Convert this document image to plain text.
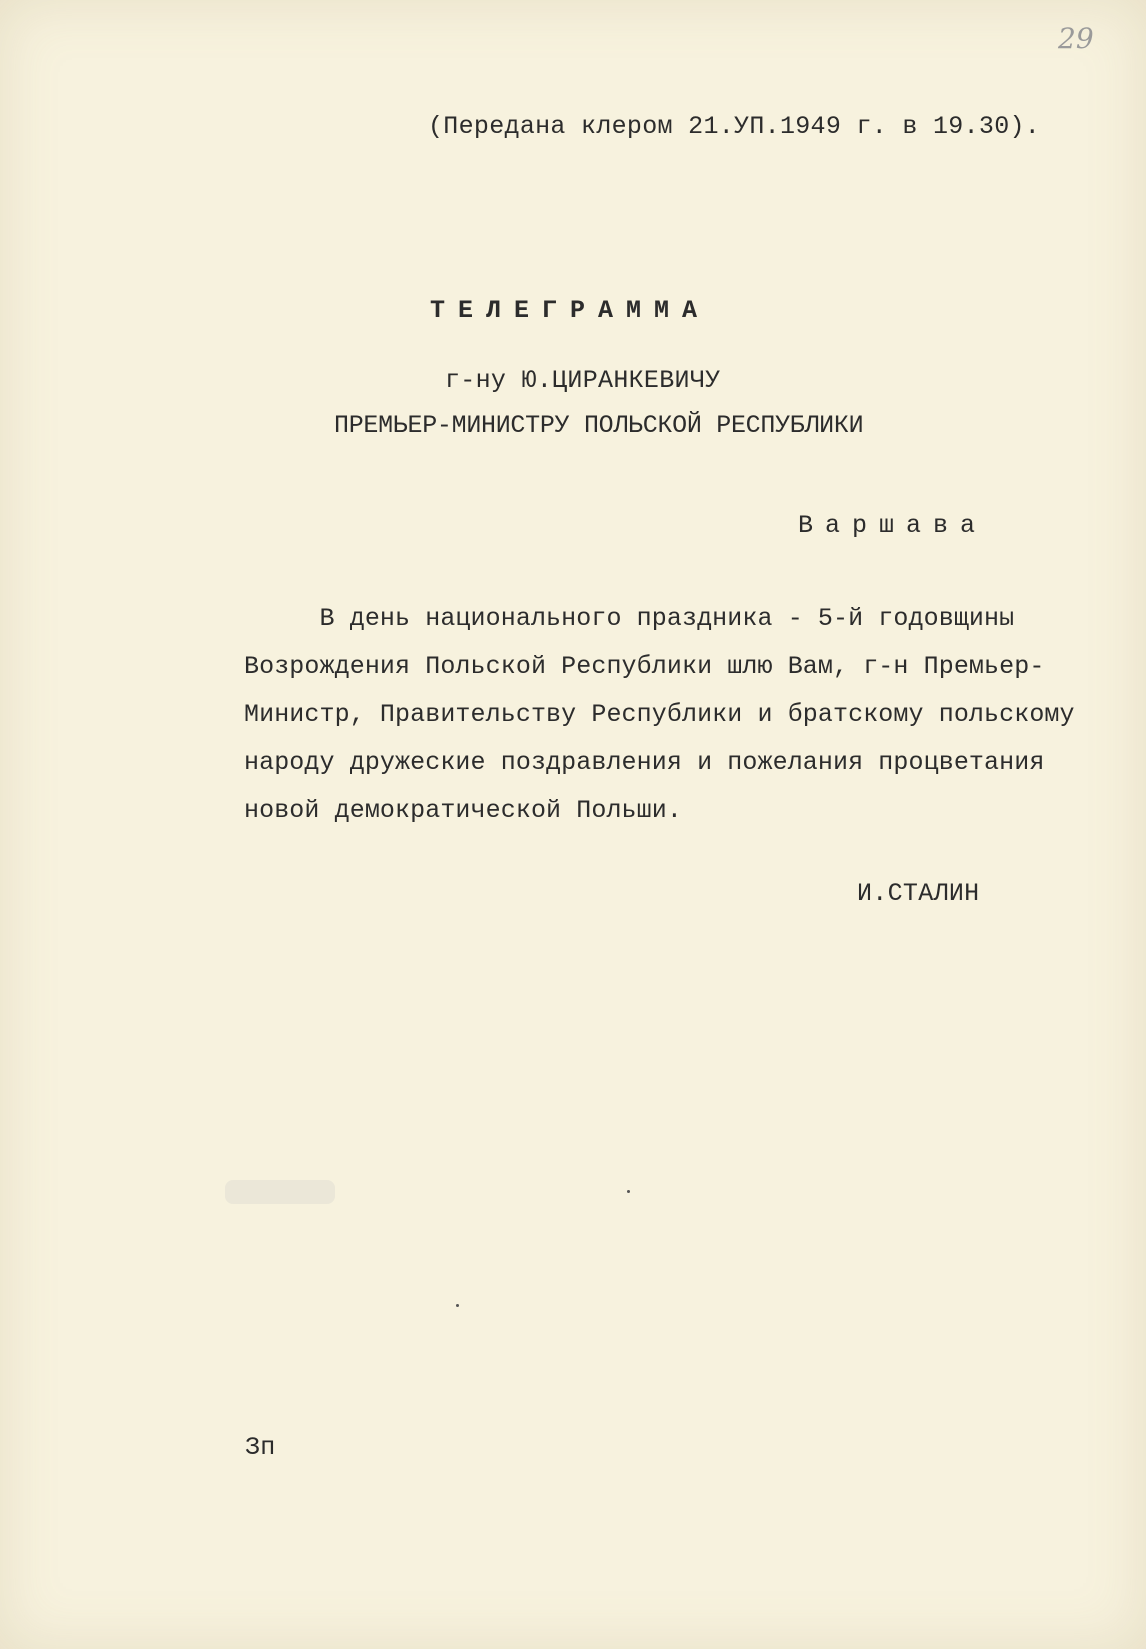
29
(Передана клером 21.УП.1949 г. в 19.30).
ТЕЛЕГРАММА
г-ну Ю.ЦИРАНКЕВИЧУ
ПРЕМЬЕР-МИНИСТРУ ПОЛЬСКОЙ РЕСПУБЛИКИ
Варшава
В день национального праздника - 5-й годовщины
Возрождения Польской Республики шлю Вам, г-н Премьер-
Министр, Правительству Республики и братскому польскому
народу дружеские поздравления и пожелания процветания
новой демократической Польши.
И.СТАЛИН
Зп
